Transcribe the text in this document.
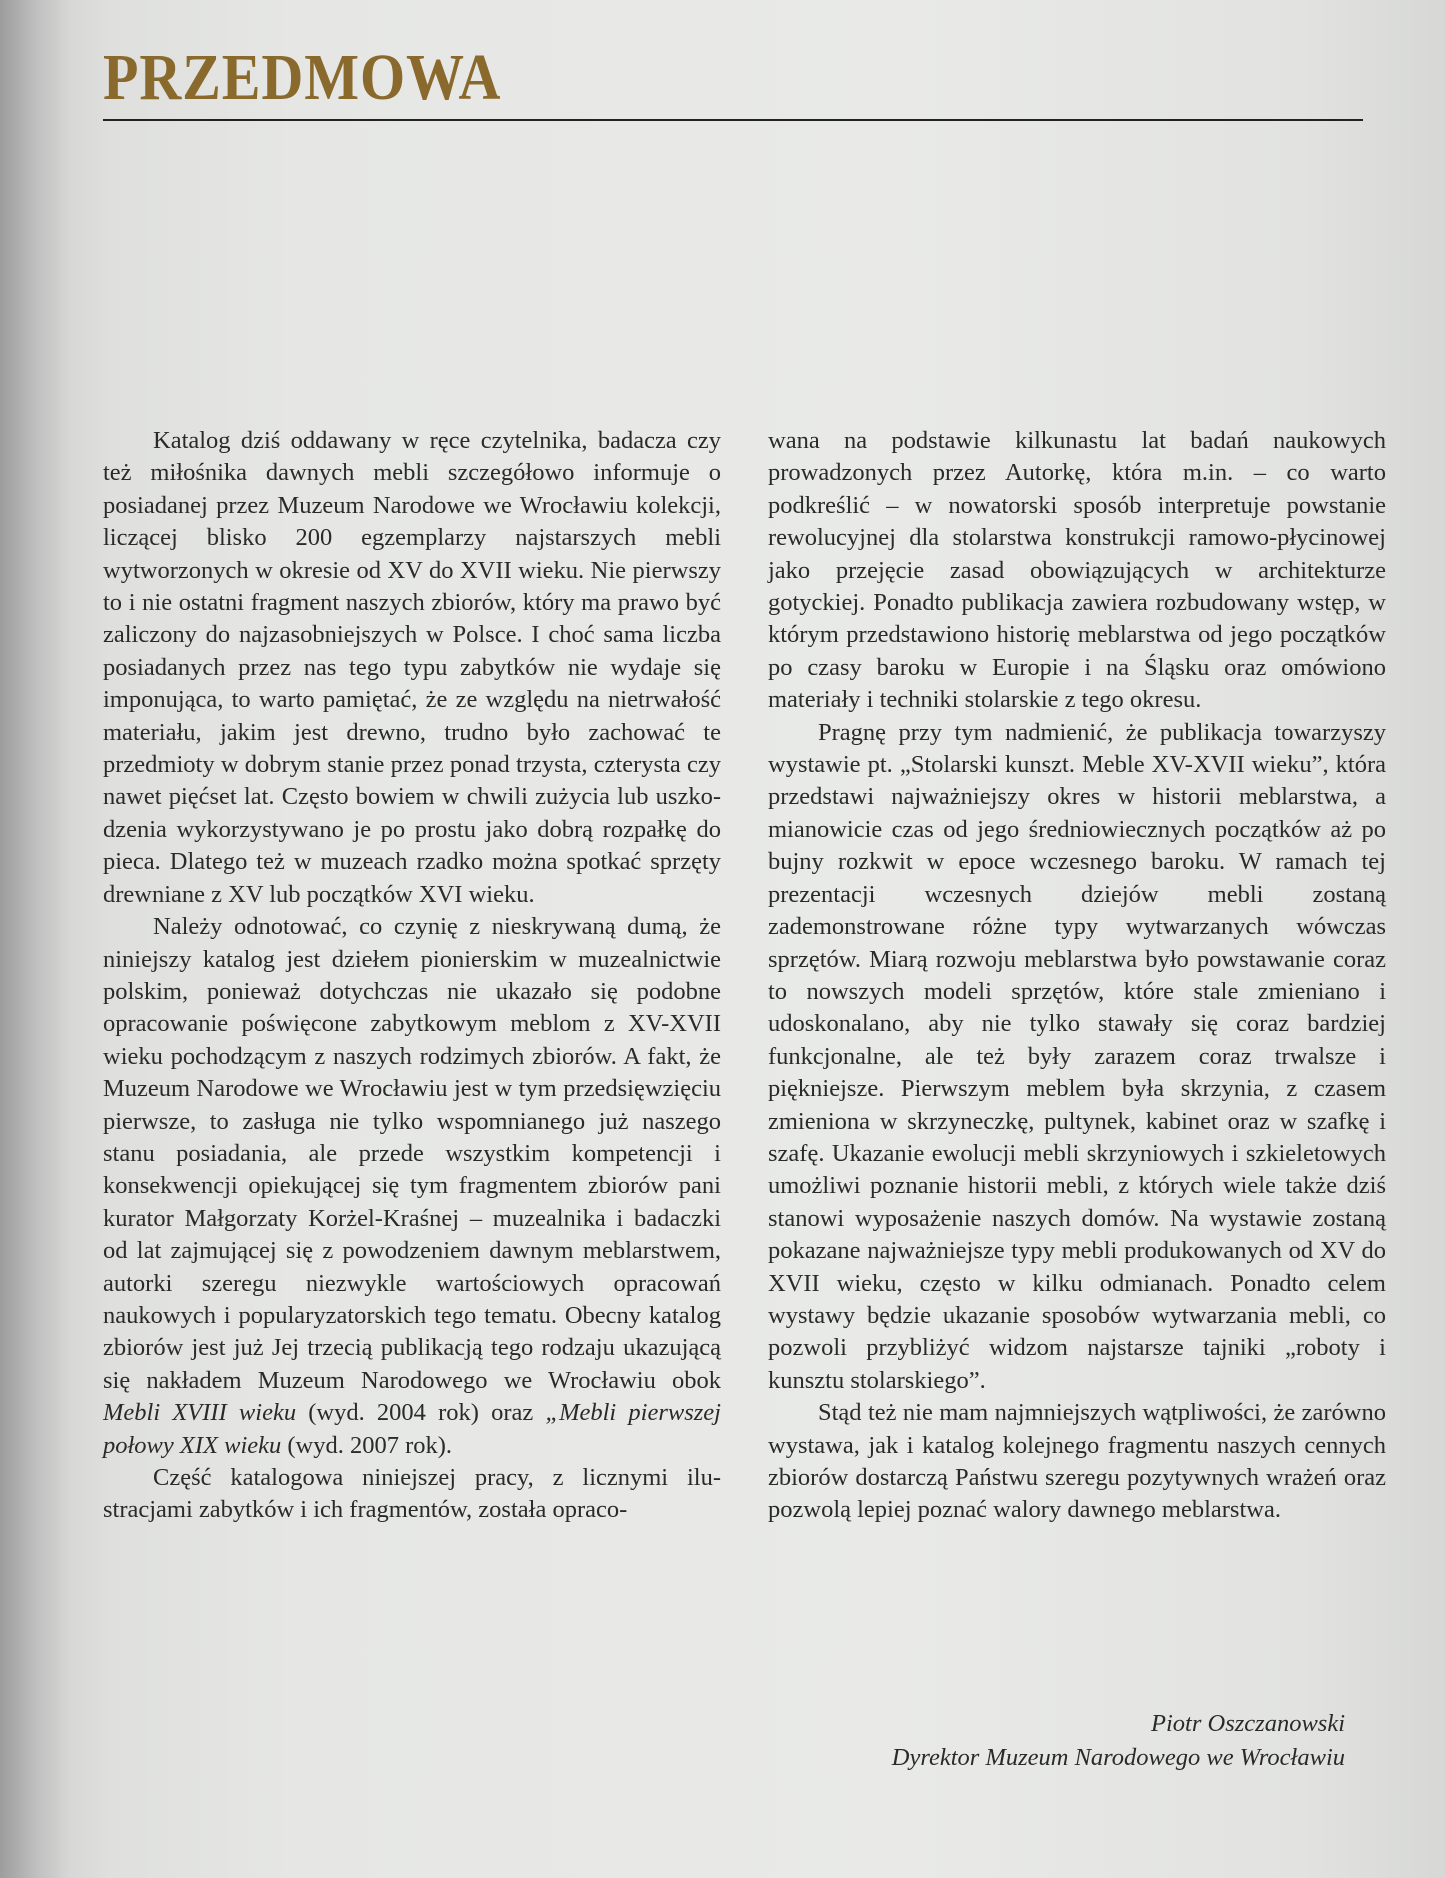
PRZEDMOWA

Katalog dziś oddawany w ręce czytelnika, badacza czy też miłośnika dawnych mebli szczegółowo informuje o posiadanej przez Muzeum Narodowe we Wrocławiu kolekcji, liczącej blisko 200 egzemplarzy najstarszych mebli wytworzonych w okresie od XV do XVII wieku. Nie pierwszy to i nie ostatni fragment naszych zbiorów, który ma prawo być zaliczony do najzasobniejszych w Polsce. I choć sama liczba posiadanych przez nas tego typu zabytków nie wydaje się imponująca, to warto pamiętać, że ze względu na nietrwałość materiału, jakim jest drewno, trudno było zachować te przedmioty w dobrym stanie przez ponad trzysta, czterysta czy nawet pięćset lat. Często bowiem w chwili zużycia lub uszkodzenia wykorzystywano je po prostu jako dobrą rozpałkę do pieca. Dlatego też w muzeach rzadko można spotkać sprzęty drewniane z XV lub początków XVI wieku.

Należy odnotować, co czynię z nieskrywaną dumą, że niniejszy katalog jest dziełem pionierskim w muzealnictwie polskim, ponieważ dotychczas nie ukazało się podobne opracowanie poświęcone zabytkowym meblom z XV-XVII wieku pochodzącym z naszych rodzimych zbiorów. A fakt, że Muzeum Narodowe we Wrocławiu jest w tym przedsięwzięciu pierwsze, to zasługa nie tylko wspomnianego już naszego stanu posiadania, ale przede wszystkim kompetencji i konsekwencji opiekującej się tym fragmentem zbiorów pani kurator Małgorzaty Korżel-Kraśnej – muzealnika i badaczki od lat zajmującej się z powodzeniem dawnym meblarstwem, autorki szeregu niezwykle wartościowych opracowań naukowych i popularyzatorskich tego tematu. Obecny katalog zbiorów jest już Jej trzecią publikacją tego rodzaju ukazującą się nakładem Muzeum Narodowego we Wrocławiu obok Mebli XVIII wieku (wyd. 2004 rok) oraz „Mebli pierwszej połowy XIX wieku (wyd. 2007 rok).

Część katalogowa niniejszej pracy, z licznymi ilustracjami zabytków i ich fragmentów, została opraco-

wana na podstawie kilkunastu lat badań naukowych prowadzonych przez Autorkę, która m.in. – co warto podkreślić – w nowatorski sposób interpretuje powstanie rewolucyjnej dla stolarstwa konstrukcji ramowo-płycinowej jako przejęcie zasad obowiązujących w architekturze gotyckiej. Ponadto publikacja zawiera rozbudowany wstęp, w którym przedstawiono historię meblarstwa od jego początków po czasy baroku w Europie i na Śląsku oraz omówiono materiały i techniki stolarskie z tego okresu.

Pragnę przy tym nadmienić, że publikacja towarzyszy wystawie pt. „Stolarski kunszt. Meble XV-XVII wieku”, która przedstawi najważniejszy okres w historii meblarstwa, a mianowicie czas od jego średniowiecznych początków aż po bujny rozkwit w epoce wczesnego baroku. W ramach tej prezentacji wczesnych dziejów mebli zostaną zademonstrowane różne typy wytwarzanych wówczas sprzętów. Miarą rozwoju meblarstwa było powstawanie coraz to nowszych modeli sprzętów, które stale zmieniano i udoskonalano, aby nie tylko stawały się coraz bardziej funkcjonalne, ale też były zarazem coraz trwalsze i piękniejsze. Pierwszym meblem była skrzynia, z czasem zmieniona w skrzyneczkę, pultynek, kabinet oraz w szafkę i szafę. Ukazanie ewolucji mebli skrzyniowych i szkieletowych umożliwi poznanie historii mebli, z których wiele także dziś stanowi wyposażenie naszych domów. Na wystawie zostaną pokazane najważniejsze typy mebli produkowanych od XV do XVII wieku, często w kilku odmianach. Ponadto celem wystawy będzie ukazanie sposobów wytwarzania mebli, co pozwoli przybliżyć widzom najstarsze tajniki „roboty i kunsztu stolarskiego”.

Stąd też nie mam najmniejszych wątpliwości, że zarówno wystawa, jak i katalog kolejnego fragmentu naszych cennych zbiorów dostarczą Państwu szeregu pozytywnych wrażeń oraz pozwolą lepiej poznać walory dawnego meblarstwa.

Piotr Oszczanowski
Dyrektor Muzeum Narodowego we Wrocławiu
